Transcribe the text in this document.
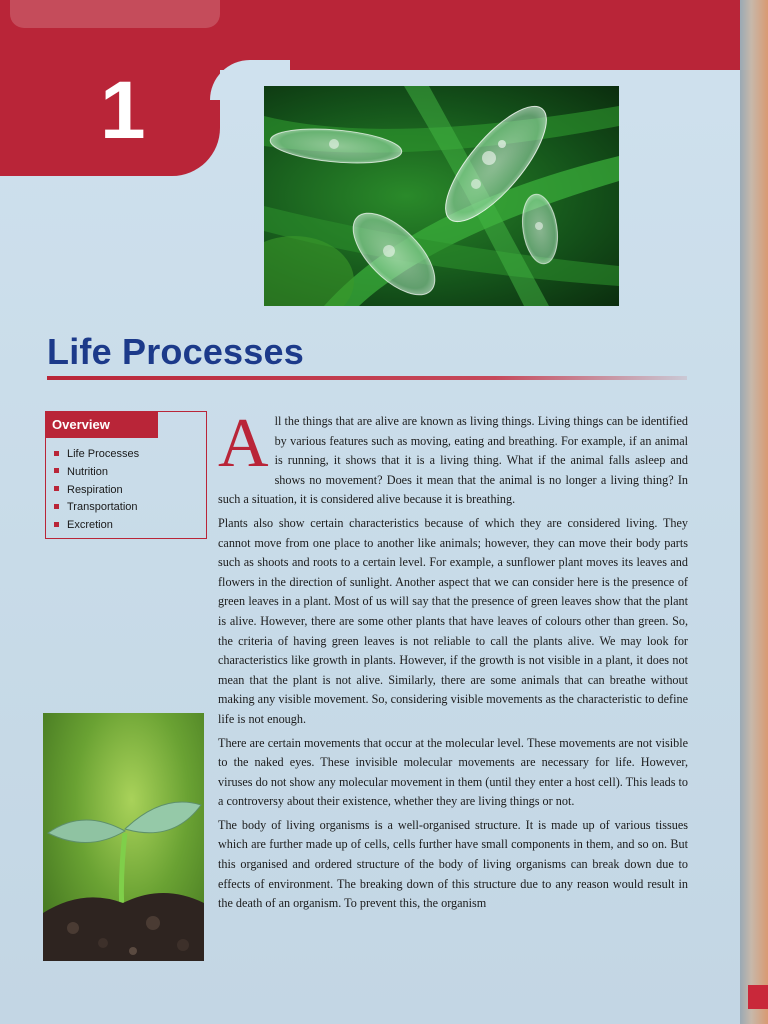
1
Life Processes
Overview
Life Processes
Nutrition
Respiration
Transportation
Excretion

All the things that are alive are known as living things. Living things can be identified by various features such as moving, eating and breathing. For example, if an animal is running, it shows that it is a living thing. What if the animal falls asleep and shows no movement? Does it mean that the animal is no longer a living thing? In such a situation, it is considered alive because it is breathing.

Plants also show certain characteristics because of which they are considered living. They cannot move from one place to another like animals; however, they can move their body parts such as shoots and roots to a certain level. For example, a sunflower plant moves its leaves and flowers in the direction of sunlight. Another aspect that we can consider here is the presence of green leaves in a plant. Most of us will say that the presence of green leaves show that the plant is alive. However, there are some other plants that have leaves of colours other than green. So, the criteria of having green leaves is not reliable to call the plants alive. We may look for characteristics like growth in plants. However, if the growth is not visible in a plant, it does not mean that the plant is not alive. Similarly, there are some animals that can breathe without making any visible movement. So, considering visible movements as the characteristic to define life is not enough.

There are certain movements that occur at the molecular level. These movements are not visible to the naked eyes. These invisible molecular movements are necessary for life. However, viruses do not show any molecular movement in them (until they enter a host cell). This leads to a controversy about their existence, whether they are living things or not.

The body of living organisms is a well-organised structure. It is made up of various tissues which are further made up of cells, cells further have small components in them, and so on. But this organised and ordered structure of the body of living organisms can break down due to effects of environment. The breaking down of this structure due to any reason would result in the death of an organism. To prevent this, the organism
